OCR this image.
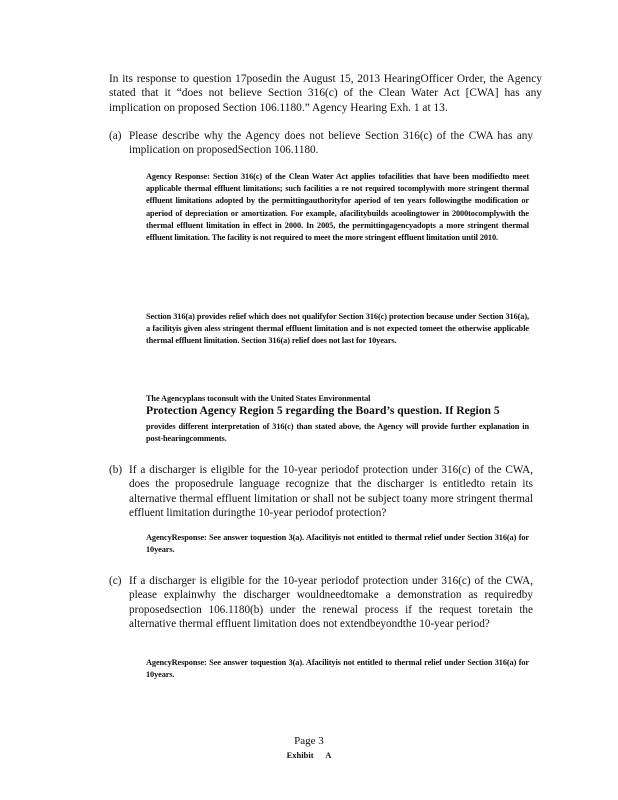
In its response to question 17posedin the August 15, 2013 HearingOfficer Order, the Agency stated that it “does not believe Section 316(c) of the Clean Water Act [CWA] has any implication on proposed Section 106.1180.” Agency Hearing Exh. 1 at 13.
(a) Please describe why the Agency does not believe Section 316(c) of the CWA has any implication on proposedSection 106.1180.
Agency Response: Section 316(c) of the Clean Water Act applies tofacilities that have been modifiedto meet applicable thermal effluent limitations; such facilities a re not required tocomplywith more stringent thermal effluent limitations adopted by the permittingauthorityfor aperiod of ten years followingthe modification or aperiod of depreciation or amortization. For example, afacilitybuilds acoolingtower in 2000tocomplywith the thermal effluent limitation in effect in 2000. In 2005, the permittingagencyadopts a more stringent thermal effluent limitation. The facility is not required to meet the more stringent effluent limitation until 2010.
Section 316(a) provides relief which does not qualifyfor Section 316(c) protection because under Section 316(a), a facilityis given aless stringent thermal effluent limitation and is not expected tomeet the otherwise applicable thermal effluent limitation. Section 316(a) relief does not last for 10years.
The Agencyplans toconsult with the United States Environmental
Protection Agency Region 5 regarding the Board’s question. If Region 5
provides different interpretation of 316(c) than stated above, the Agency will provide further explanation in post-hearingcomments.
(b) If a discharger is eligible for the 10-year periodof protection under 316(c) of the CWA, does the proposedrule language recognize that the discharger is entitledto retain its alternative thermal effluent limitation or shall not be subject toany more stringent thermal effluent limitation duringthe 10-year periodof protection?
AgencyResponse: See answer toquestion 3(a). Afacilityis not entitled to thermal relief under Section 316(a) for 10years.
(c) If a discharger is eligible for the 10-year periodof protection under 316(c) of the CWA, please explainwhy the discharger wouldneedtomake a demonstration as requiredby proposedsection 106.1180(b) under the renewal process if the request toretain the alternative thermal effluent limitation does not extendbeyondthe 10-year period?
AgencyResponse: See answer toquestion 3(a). Afacilityis not entitled to thermal relief under Section 316(a) for 10years.
Page 3
Exhibit A
